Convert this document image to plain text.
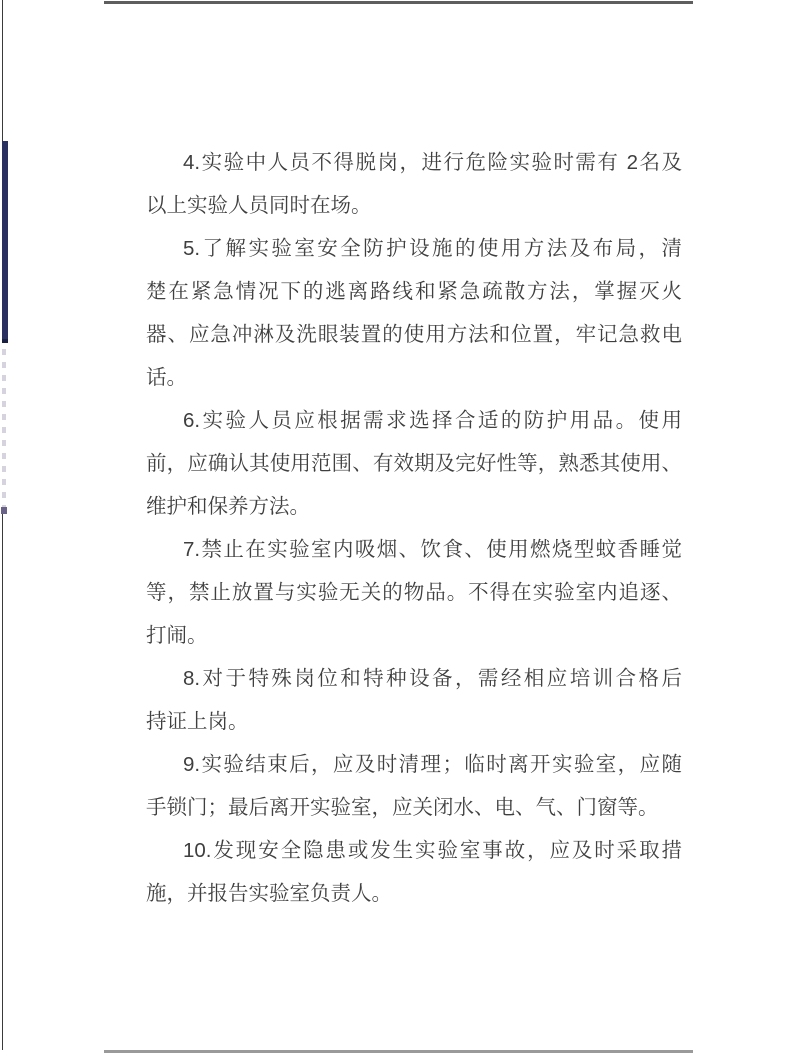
4.实验中人员不得脱岗，进行危险实验时需有 2名及
以上实验人员同时在场。

5.了解实验室安全防护设施的使用方法及布局，清
楚在紧急情况下的逃离路线和紧急疏散方法，掌握灭火
器、应急冲淋及洗眼装置的使用方法和位置，牢记急救电
话。

6.实验人员应根据需求选择合适的防护用品。使用
前，应确认其使用范围、有效期及完好性等，熟悉其使用、
维护和保养方法。

7.禁止在实验室内吸烟、饮食、使用燃烧型蚊香睡觉
等，禁止放置与实验无关的物品。不得在实验室内追逐、
打闹。

8.对于特殊岗位和特种设备，需经相应培训合格后
持证上岗。

9.实验结束后，应及时清理；临时离开实验室，应随
手锁门；最后离开实验室，应关闭水、电、气、门窗等。

10.发现安全隐患或发生实验室事故，应及时采取措
施，并报告实验室负责人。
